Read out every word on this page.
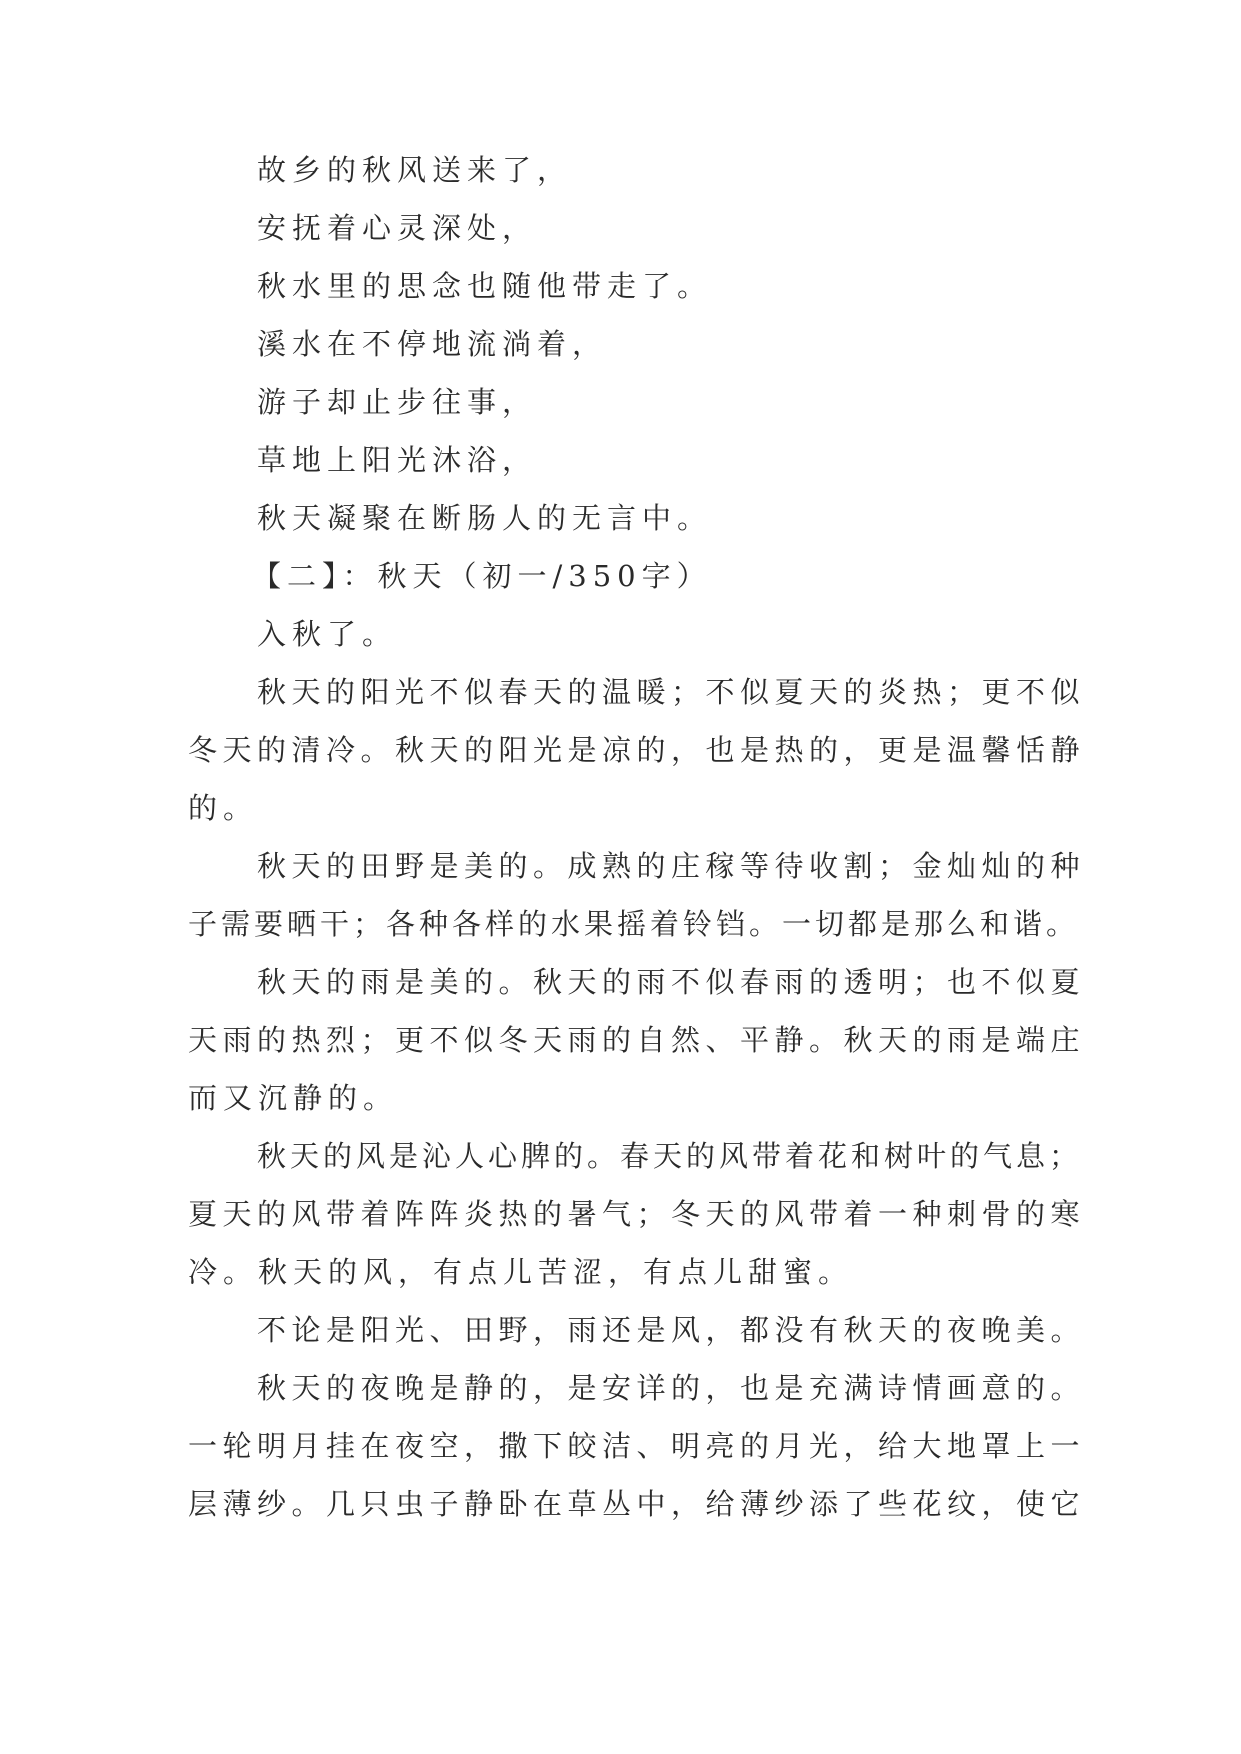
故乡的秋风送来了，
安抚着心灵深处，
秋水里的思念也随他带走了。
溪水在不停地流淌着，
游子却止步往事，
草地上阳光沐浴，
秋天凝聚在断肠人的无言中。
【二】：秋天（初一/350字）
入秋了。
秋天的阳光不似春天的温暖；不似夏天的炎热；更不似
冬天的清冷。秋天的阳光是凉的，也是热的，更是温馨恬静
的。
秋天的田野是美的。成熟的庄稼等待收割；金灿灿的种
子需要晒干；各种各样的水果摇着铃铛。一切都是那么和谐。
秋天的雨是美的。秋天的雨不似春雨的透明；也不似夏
天雨的热烈；更不似冬天雨的自然、平静。秋天的雨是端庄
而又沉静的。
秋天的风是沁人心脾的。春天的风带着花和树叶的气息；
夏天的风带着阵阵炎热的暑气；冬天的风带着一种刺骨的寒
冷。秋天的风，有点儿苦涩，有点儿甜蜜。
不论是阳光、田野，雨还是风，都没有秋天的夜晚美。
秋天的夜晚是静的，是安详的，也是充满诗情画意的。
一轮明月挂在夜空，撒下皎洁、明亮的月光，给大地罩上一
层薄纱。几只虫子静卧在草丛中，给薄纱添了些花纹，使它
